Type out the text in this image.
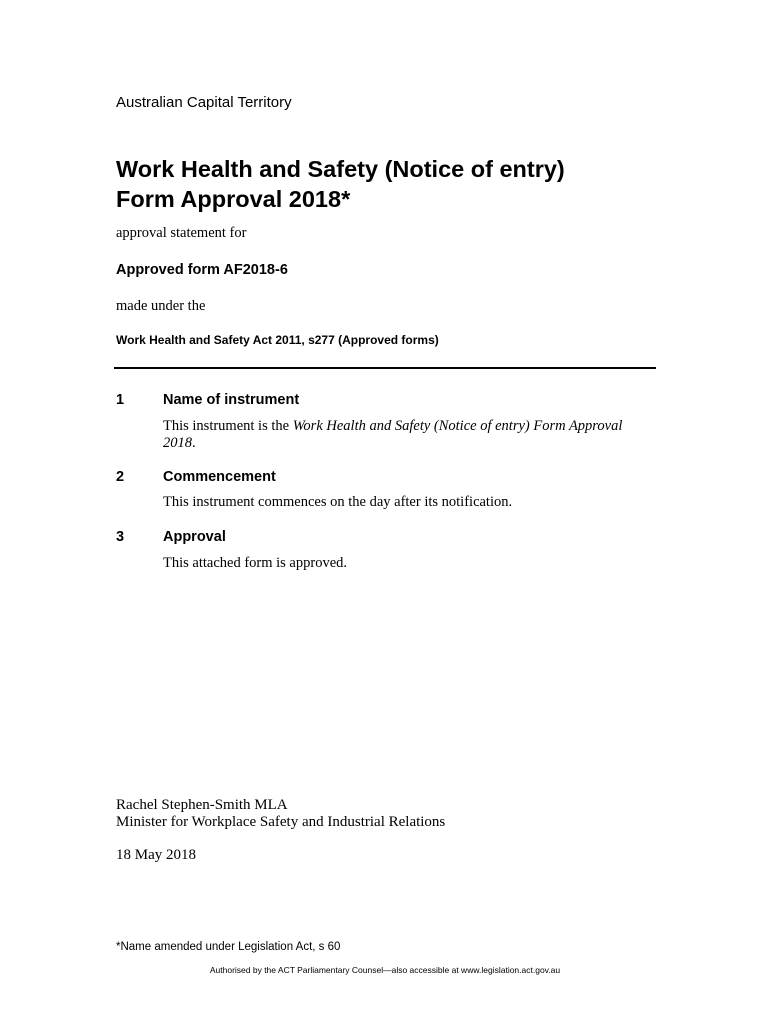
Australian Capital Territory
Work Health and Safety (Notice of entry)
Form Approval 2018*
approval statement for
Approved form AF2018-6
made under the
Work Health and Safety Act 2011, s277 (Approved forms)
1	Name of instrument
This instrument is the Work Health and Safety (Notice of entry) Form Approval 2018.
2	Commencement
This instrument commences on the day after its notification.
3	Approval
This attached form is approved.
Rachel Stephen-Smith MLA
Minister for Workplace Safety and Industrial Relations
18 May 2018
*Name amended under Legislation Act, s 60
Authorised by the ACT Parliamentary Counsel—also accessible at www.legislation.act.gov.au
